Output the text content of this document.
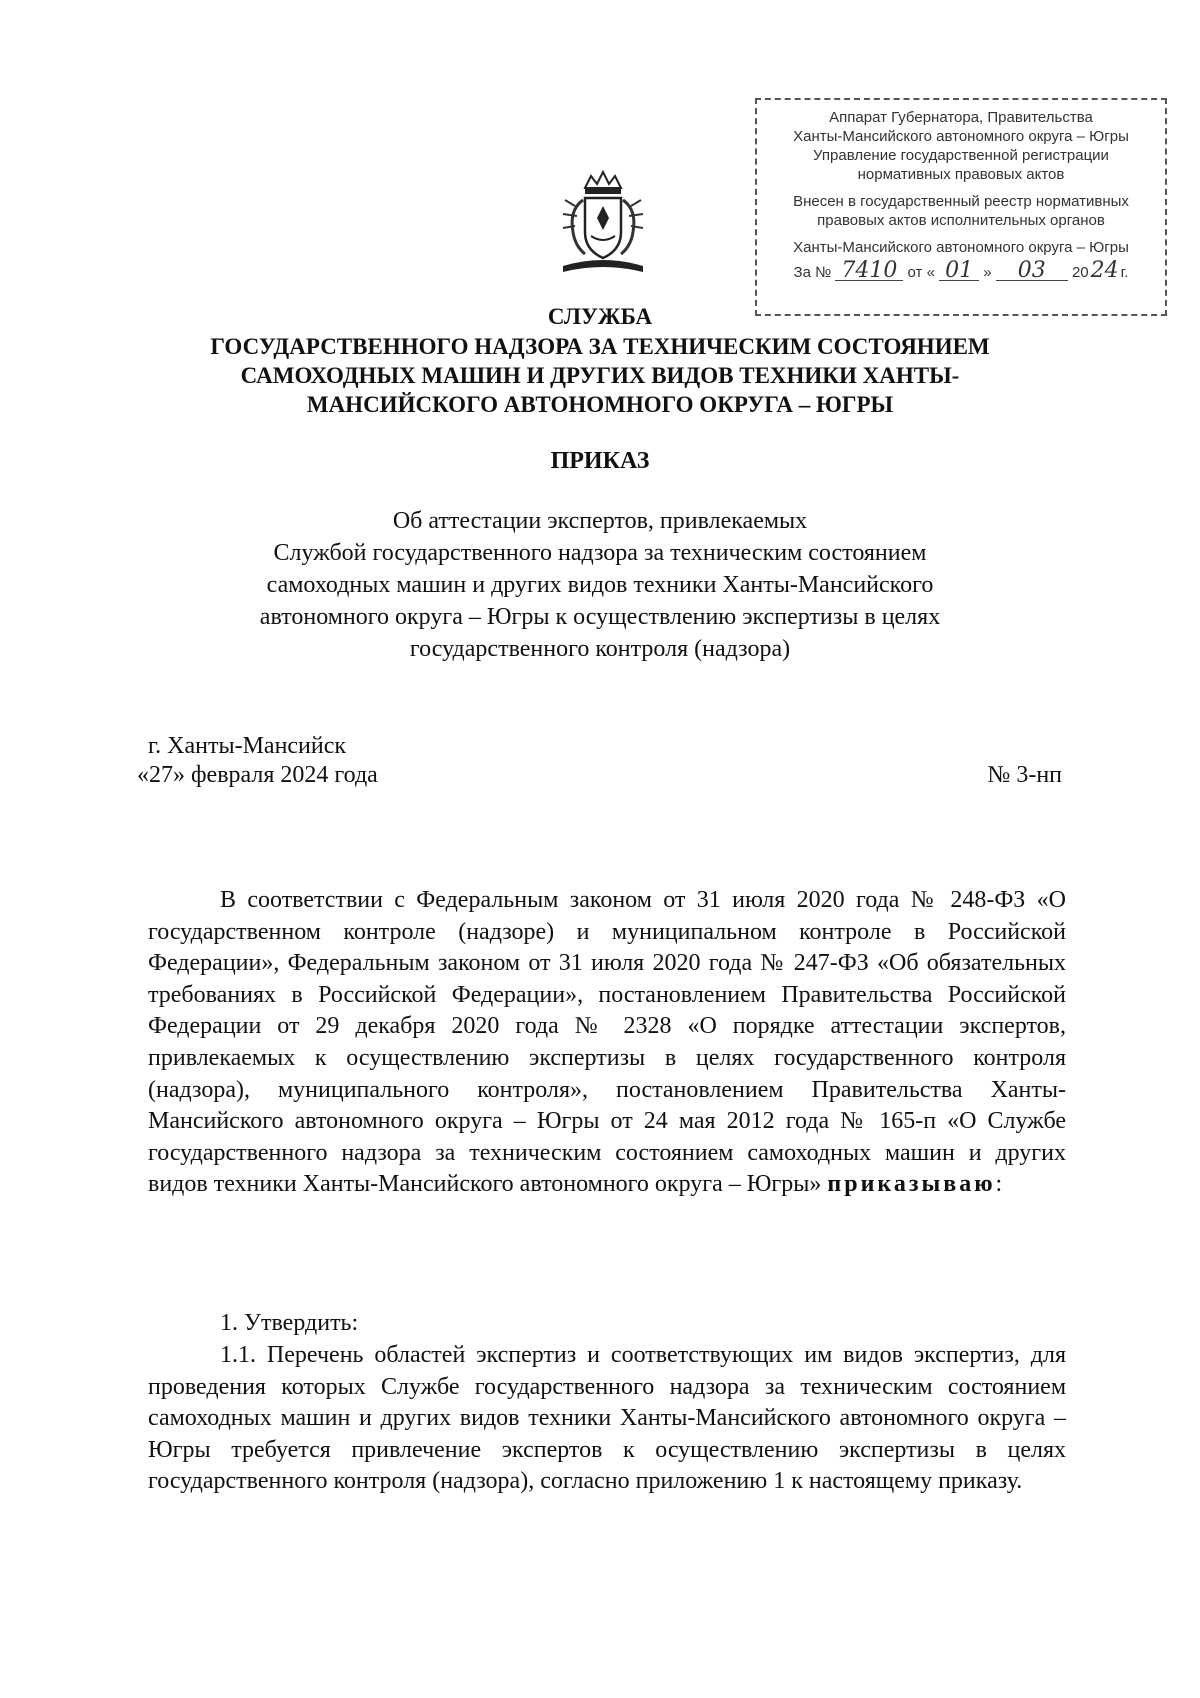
Аппарат Губернатора, Правительства
Ханты-Мансийского автономного округа – Югры
Управление государственной регистрации
нормативных правовых актов
Внесен в государственный реестр нормативных
правовых актов исполнительных органов
Ханты-Мансийского автономного округа – Югры
За № 7410 от « 01 » 03 2024 г.
СЛУЖБА
ГОСУДАРСТВЕННОГО НАДЗОРА ЗА ТЕХНИЧЕСКИМ СОСТОЯНИЕМ
САМОХОДНЫХ МАШИН И ДРУГИХ ВИДОВ ТЕХНИКИ ХАНТЫ-
МАНСИЙСКОГО АВТОНОМНОГО ОКРУГА – ЮГРЫ
ПРИКАЗ
Об аттестации экспертов, привлекаемых
Службой государственного надзора за техническим состоянием
самоходных машин и других видов техники Ханты-Мансийского
автономного округа – Югры к осуществлению экспертизы в целях
государственного контроля (надзора)
г. Ханты-Мансийск
«27» февраля 2024 года	№ 3-нп
В соответствии с Федеральным законом от 31 июля 2020 года № 248-ФЗ «О государственном контроле (надзоре) и муниципальном контроле в Российской Федерации», Федеральным законом от 31 июля 2020 года № 247-ФЗ «Об обязательных требованиях в Российской Федерации», постановлением Правительства Российской Федерации от 29 декабря 2020 года № 2328 «О порядке аттестации экспертов, привлекаемых к осуществлению экспертизы в целях государственного контроля (надзора), муниципального контроля», постановлением Правительства Ханты-Мансийского автономного округа – Югры от 24 мая 2012 года № 165-п «О Службе государственного надзора за техническим состоянием самоходных машин и других видов техники Ханты-Мансийского автономного округа – Югры» приказываю:
1. Утвердить:
1.1. Перечень областей экспертиз и соответствующих им видов экспертиз, для проведения которых Службе государственного надзора за техническим состоянием самоходных машин и других видов техники Ханты-Мансийского автономного округа – Югры требуется привлечение экспертов к осуществлению экспертизы в целях государственного контроля (надзора), согласно приложению 1 к настоящему приказу.
